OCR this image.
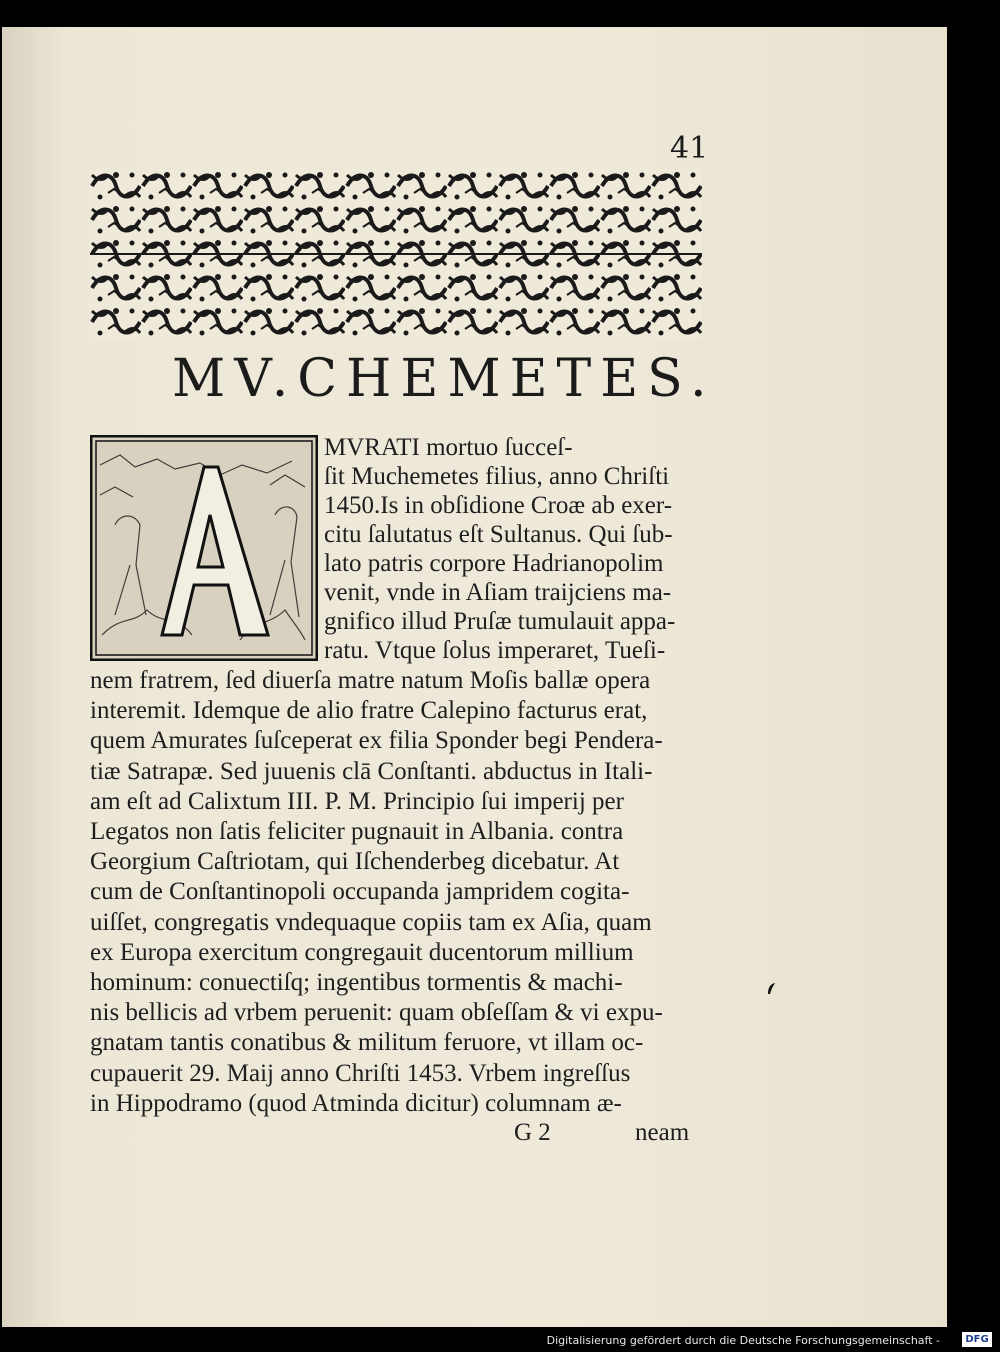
41
MV.CHEMETES.
A
MVRATI mortuo ſucceſ-
ſit Muchemetes filius, anno Chriſti
1450.Is in obſidione Croæ ab exer-
citu ſalutatus eſt Sultanus. Qui ſub-
lato patris corpore Hadrianopolim
venit, vnde in Aſiam traijciens ma-
gnifico illud Pruſæ tumulauit appa-
ratu. Vtque ſolus imperaret, Tueſi-
nem fratrem, ſed diuerſa matre natum Moſis ballæ opera
interemit. Idemque de alio fratre Calepino facturus erat,
quem Amurates ſuſceperat ex filia Sponder begi Pendera-
tiæ Satrapæ. Sed juuenis clā Conſtanti. abductus in Itali-
am eſt ad Calixtum III. P. M. Principio ſui imperij per
Legatos non ſatis feliciter pugnauit in Albania. contra
Georgium Caſtriotam, qui Iſchenderbeg dicebatur. At
cum de Conſtantinopoli occupanda jampridem cogita-
uiſſet, congregatis vndequaque copiis tam ex Aſia, quam
ex Europa exercitum congregauit ducentorum millium
hominum: conuectiſq; ingentibus tormentis & machi-
nis bellicis ad vrbem peruenit: quam obſeſſam & vi expu-
gnatam tantis conatibus & militum feruore, vt illam oc-
cupauerit 29. Maij anno Chriſti 1453. Vrbem ingreſſus
in Hippodramo (quod Atminda dicitur) columnam æ-
G 2	neam
Digitalisierung gefördert durch die Deutsche Forschungsgemeinschaft -	DFG
